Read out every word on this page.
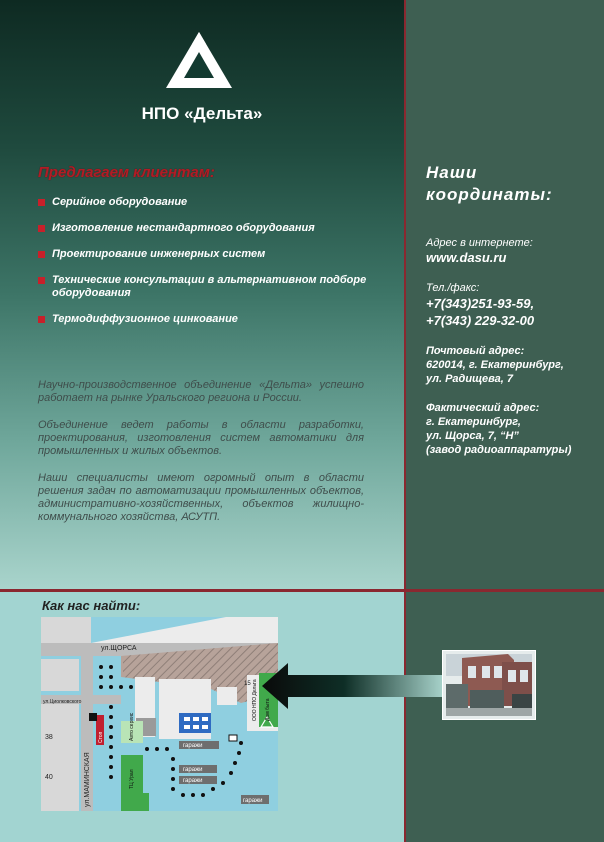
НПО «Дельта»
Предлагаем клиентам:
Серийное оборудование
Изготовление нестандартного оборудования
Проектирование инженерных систем
Технические консультации в альтернативном подборе оборудования
Термодиффузионное цинкование

Научно-производственное объединение «Дельта» успешно работает на рынке Уральского региона и России.

Объединение ведет работы в области разработки, проектирования, изготовления систем автоматики для промышленных и жилых объектов.

Наши специалисты имеют огромный опыт в области решения задач по автоматизации промышленных объектов, административно-хозяйственных, объектов жилищно-коммунального хозяйства, АСУТП.

Наши
координаты:
Адрес в интернете:
www.dasu.ru
Тел./факс:
+7(343)251-93-59,
+7(343) 229-32-00
Почтовый адрес:
620014, г. Екатеринбург,
ул. Радищева, 7
Фактический адрес:
г. Екатеринбург,
ул. Щорса, 7, “Н”
(завод радиоаппаратуры)
Как нас найти:
ул.ЩОРСА
ул.Циолковского
ул.МАМИНСКАЯ
гаражи
гаражи
гаражи
гаражи
ООО НПО Дельта
15
38
40
Стоп
ТЦ Урал
Авто сервис
Дом быта
